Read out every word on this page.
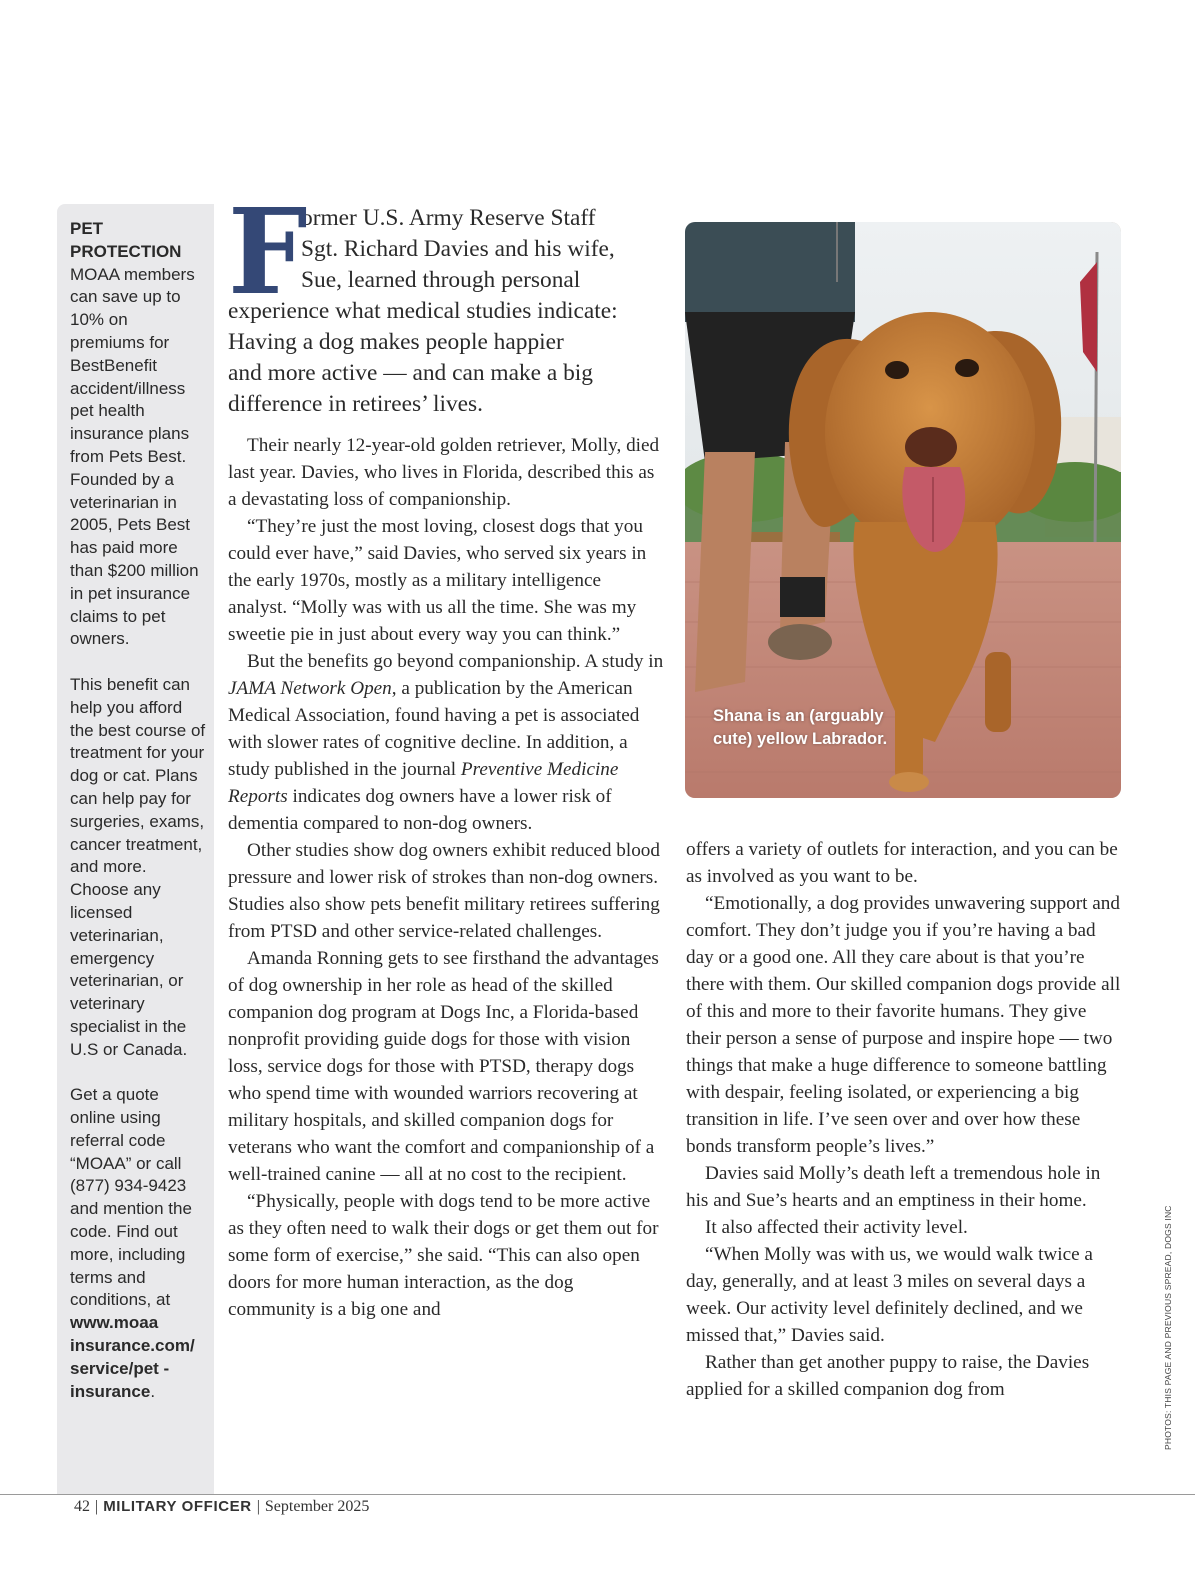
PET PROTECTION

MOAA members can save up to 10% on premiums for BestBenefit accident/illness pet health insurance plans from Pets Best. Founded by a veterinarian in 2005, Pets Best has paid more than $200 million in pet insurance claims to pet owners.

This benefit can help you afford the best course of treatment for your dog or cat. Plans can help pay for surgeries, exams, cancer treatment, and more. Choose any licensed veterinarian, emergency veterinarian, or veterinary specialist in the U.S or Canada.

Get a quote online using referral code “MOAA” or call (877) 934-9423 and mention the code. Find out more, including terms and conditions, at www.moaa insurance.com/ service/pet -insurance.

F
ormer U.S. Army Reserve Staff
Sgt. Richard Davies and his wife,
Sue, learned through personal
experience what medical studies indicate:
Having a dog makes people happier
and more active — and can make a big
difference in retirees’ lives.

Their nearly 12-year-old golden retriever, Molly, died last year. Davies, who lives in Florida, described this as a devastating loss of companionship.

“They’re just the most loving, closest dogs that you could ever have,” said Davies, who served six years in the early 1970s, mostly as a military intelligence analyst. “Molly was with us all the time. She was my sweetie pie in just about every way you can think.”

But the benefits go beyond companionship. A study in JAMA Network Open, a publication by the American Medical Association, found having a pet is associated with slower rates of cognitive decline. In addition, a study published in the journal Preventive Medicine Reports indicates dog owners have a lower risk of dementia compared to non-dog owners.

Other studies show dog owners exhibit reduced blood pressure and lower risk of strokes than non-dog owners. Studies also show pets benefit military retirees suffering from PTSD and other service-related challenges.

Amanda Ronning gets to see firsthand the advantages of dog ownership in her role as head of the skilled companion dog program at Dogs Inc, a Florida-based nonprofit providing guide dogs for those with vision loss, service dogs for those with PTSD, therapy dogs who spend time with wounded warriors recovering at military hospitals, and skilled companion dogs for veterans who want the comfort and companionship of a well-trained canine — all at no cost to the recipient.

“Physically, people with dogs tend to be more active as they often need to walk their dogs or get them out for some form of exercise,” she said. “This can also open doors for more human interaction, as the dog community is a big one and

Shana is an (arguably cute) yellow Labrador.

offers a variety of outlets for interaction, and you can be as involved as you want to be.

“Emotionally, a dog provides unwavering support and comfort. They don’t judge you if you’re having a bad day or a good one. All they care about is that you’re there with them. Our skilled companion dogs provide all of this and more to their favorite humans. They give their person a sense of purpose and inspire hope — two things that make a huge difference to someone battling with despair, feeling isolated, or experiencing a big transition in life. I’ve seen over and over how these bonds transform people’s lives.”

Davies said Molly’s death left a tremendous hole in his and Sue’s hearts and an emptiness in their home.

It also affected their activity level.

“When Molly was with us, we would walk twice a day, generally, and at least 3 miles on several days a week. Our activity level definitely declined, and we missed that,” Davies said.

Rather than get another puppy to raise, the Davies applied for a skilled companion dog from	PHOTOS: THIS PAGE AND PREVIOUS SPREAD, DOGS INC
42 | MILITARY OFFICER | September 2025
